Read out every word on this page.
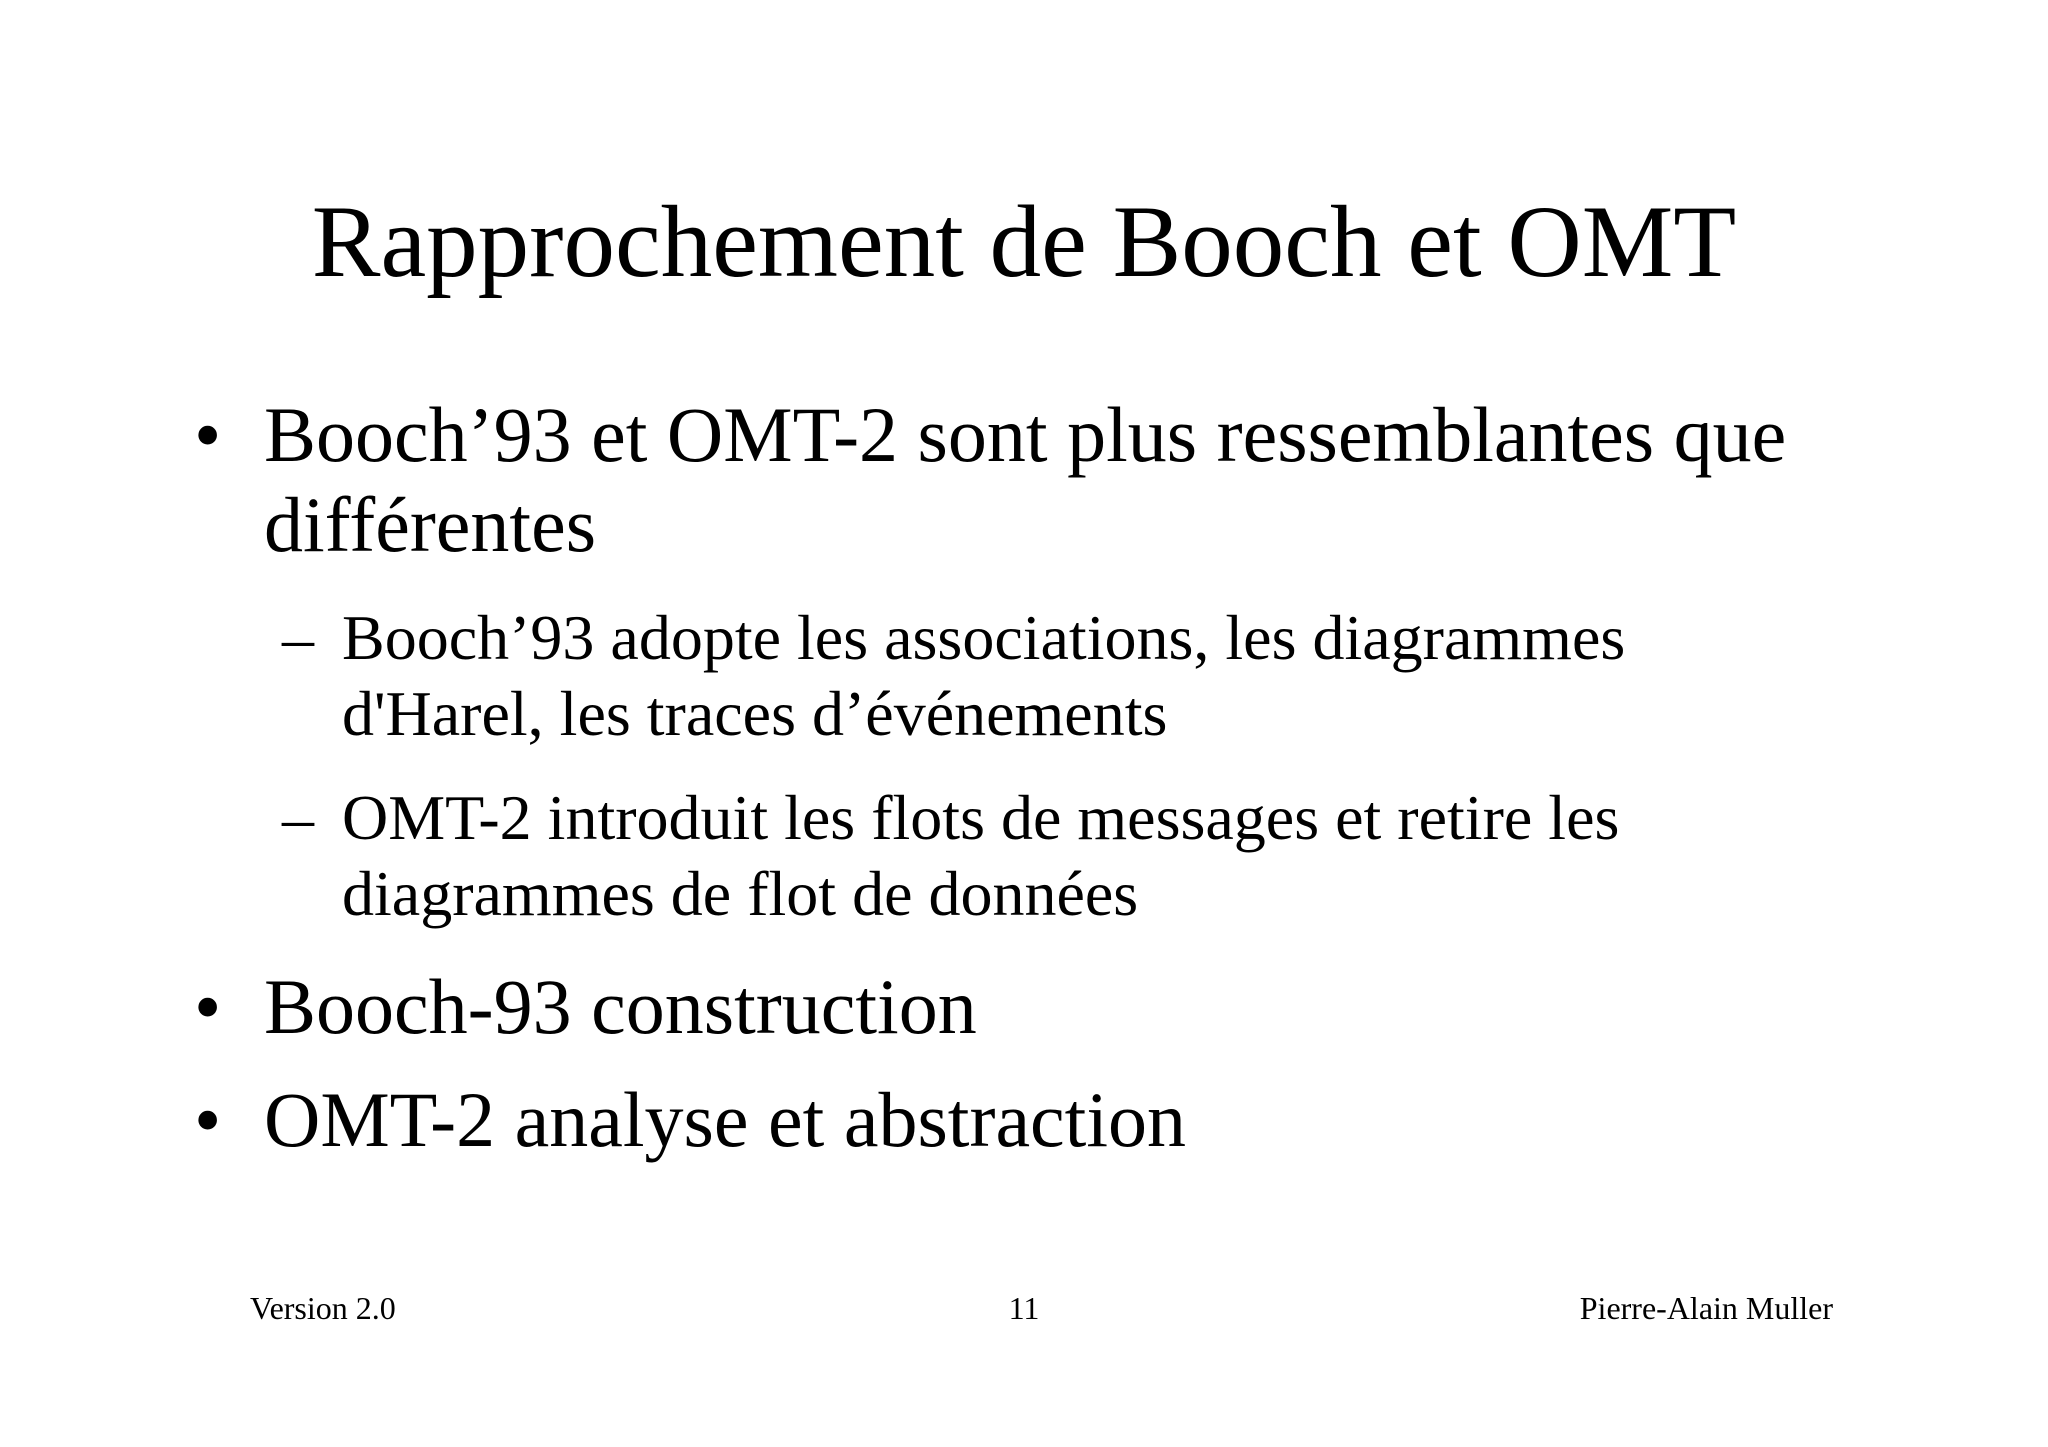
Rapprochement de Booch et OMT
• Booch’93 et OMT-2 sont plus ressemblantes que
différentes
– Booch’93 adopte les associations, les diagrammes
d'Harel, les traces d’événements
– OMT-2 introduit les flots de messages et retire les
diagrammes de flot de données
• Booch-93 construction
• OMT-2 analyse et abstraction
Version 2.0	11	Pierre-Alain Muller
